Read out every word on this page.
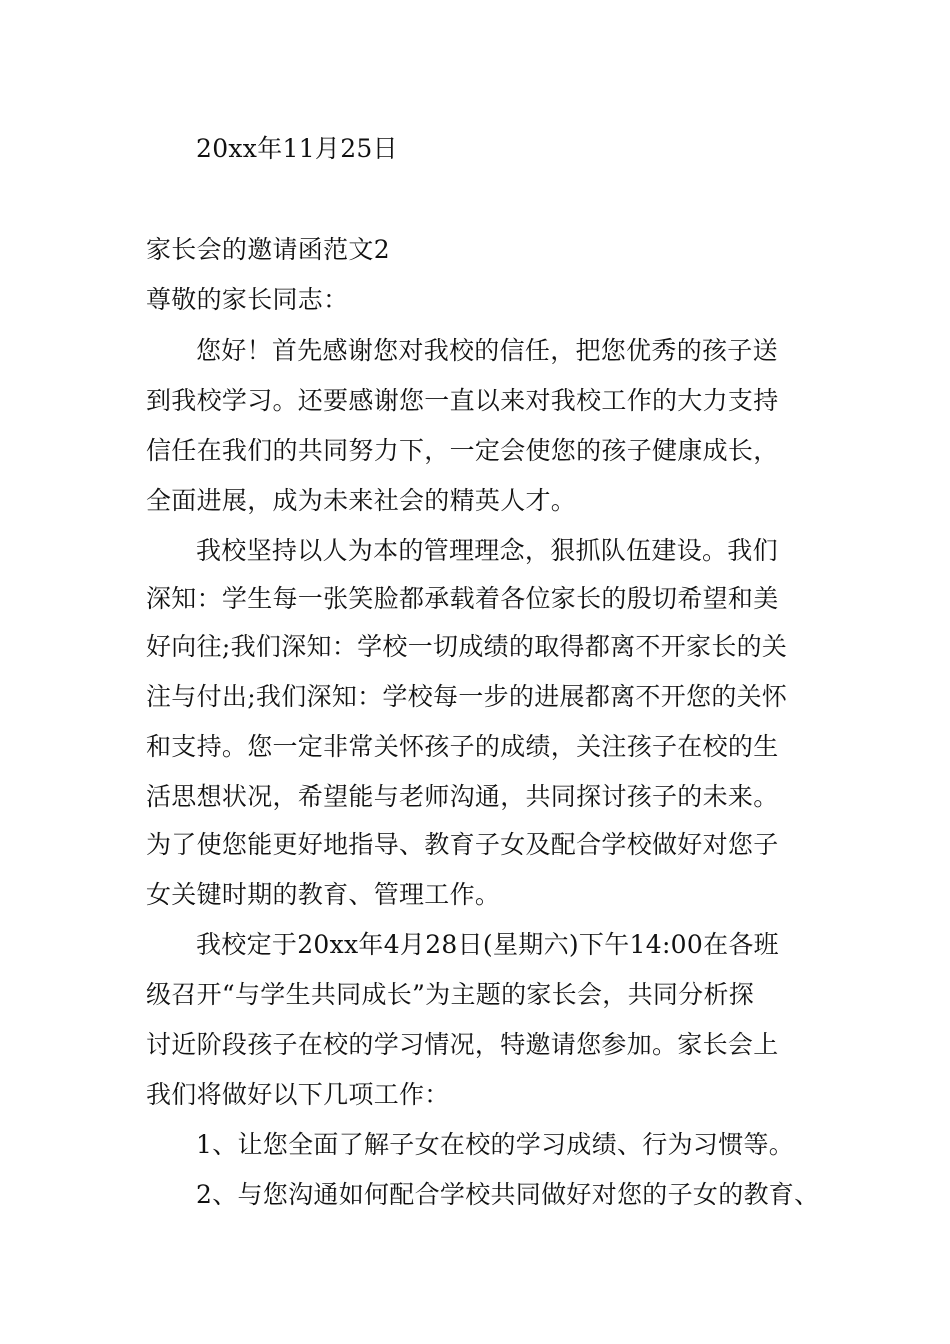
20xx年11月25日
家长会的邀请函范文2
尊敬的家长同志：
您好！首先感谢您对我校的信任，把您优秀的孩子送
到我校学习。还要感谢您一直以来对我校工作的大力支持
信任在我们的共同努力下，一定会使您的孩子健康成长，
全面进展，成为未来社会的精英人才。
我校坚持以人为本的管理理念，狠抓队伍建设。我们
深知：学生每一张笑脸都承载着各位家长的殷切希望和美
好向往;我们深知：学校一切成绩的取得都离不开家长的关
注与付出;我们深知：学校每一步的进展都离不开您的关怀
和支持。您一定非常关怀孩子的成绩，关注孩子在校的生
活思想状况，希望能与老师沟通，共同探讨孩子的未来。
为了使您能更好地指导、教育子女及配合学校做好对您子
女关键时期的教育、管理工作。
我校定于20xx年4月28日(星期六)下午14:00在各班
级召开“与学生共同成长”为主题的家长会，共同分析探
讨近阶段孩子在校的学习情况，特邀请您参加。家长会上
我们将做好以下几项工作：
1、让您全面了解子女在校的学习成绩、行为习惯等。
2、与您沟通如何配合学校共同做好对您的子女的教育、
